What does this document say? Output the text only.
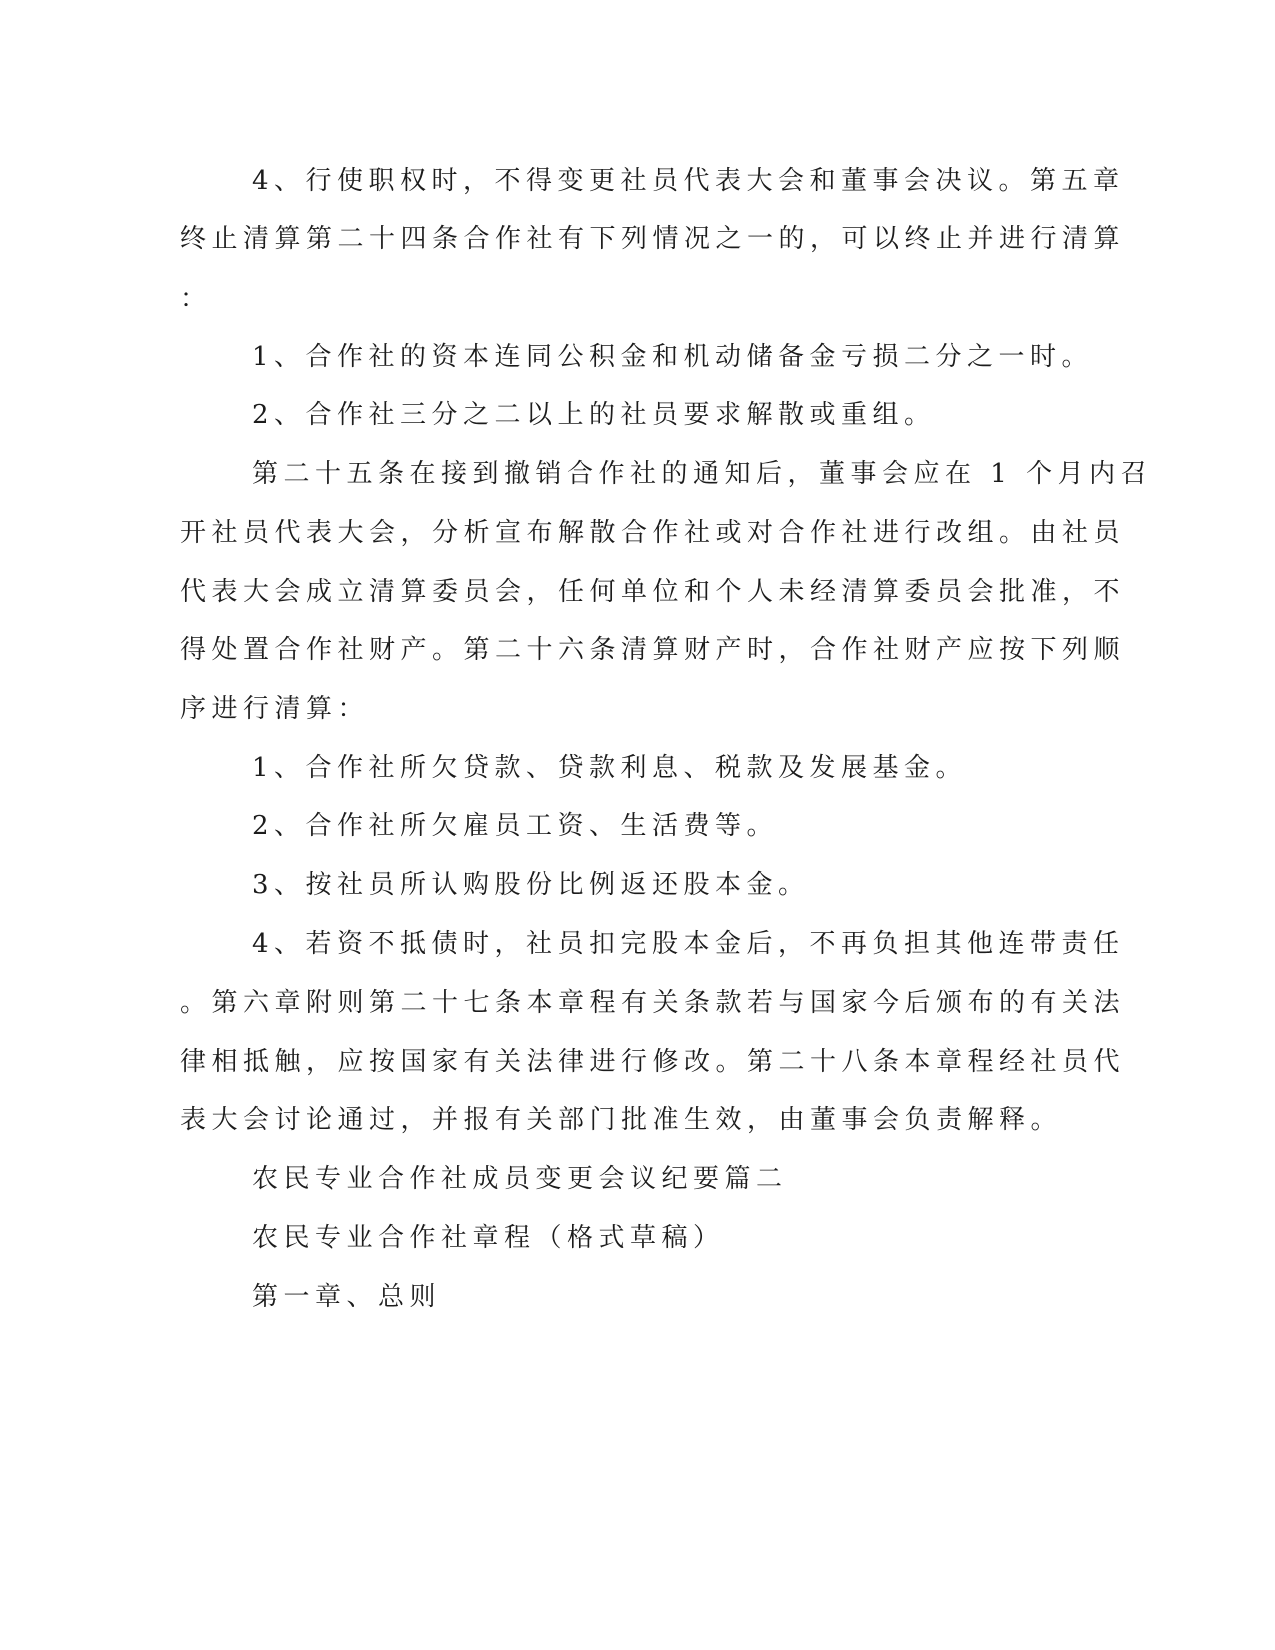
4、行使职权时，不得变更社员代表大会和董事会决议。第五章
终止清算第二十四条合作社有下列情况之一的，可以终止并进行清算
：
1、合作社的资本连同公积金和机动储备金亏损二分之一时。
2、合作社三分之二以上的社员要求解散或重组。
第二十五条在接到撤销合作社的通知后，董事会应在 1 个月内召
开社员代表大会，分析宣布解散合作社或对合作社进行改组。由社员
代表大会成立清算委员会，任何单位和个人未经清算委员会批准，不
得处置合作社财产。第二十六条清算财产时，合作社财产应按下列顺
序进行清算：
1、合作社所欠贷款、贷款利息、税款及发展基金。
2、合作社所欠雇员工资、生活费等。
3、按社员所认购股份比例返还股本金。
4、若资不抵债时，社员扣完股本金后，不再负担其他连带责任
。第六章附则第二十七条本章程有关条款若与国家今后颁布的有关法
律相抵触，应按国家有关法律进行修改。第二十八条本章程经社员代
表大会讨论通过，并报有关部门批准生效，由董事会负责解释。
农民专业合作社成员变更会议纪要篇二
农民专业合作社章程（格式草稿）
第一章、总则
